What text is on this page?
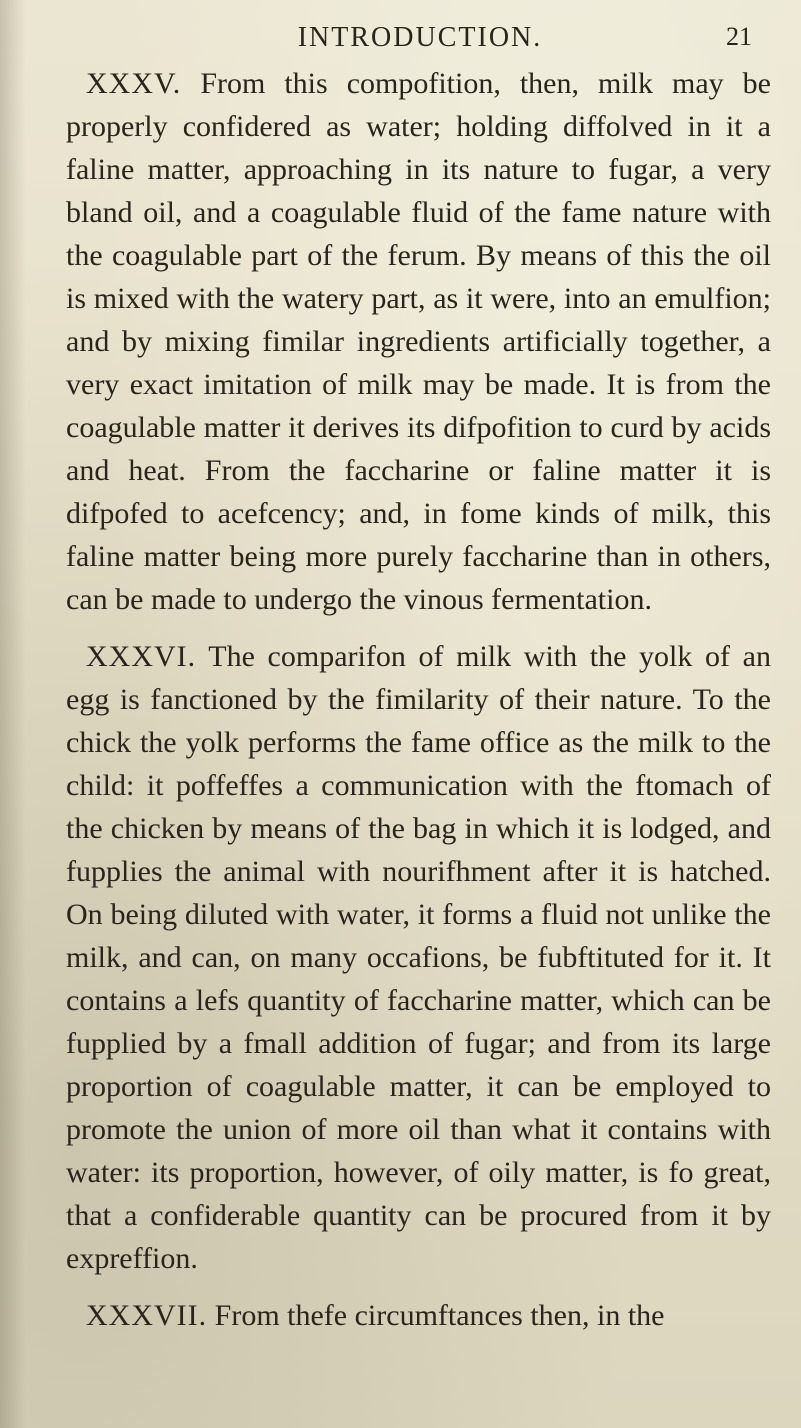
INTRODUCTION.	21

XXXV. From this compofition, then, milk may be properly confidered as water; holding diffolved in it a faline matter, approaching in its nature to fugar, a very bland oil, and a coagulable fluid of the fame nature with the coagulable part of the ferum. By means of this the oil is mixed with the watery part, as it were, into an emulfion; and by mixing fimilar ingredients artificially together, a very exact imitation of milk may be made. It is from the coagulable matter it derives its difpofition to curd by acids and heat. From the faccharine or faline matter it is difpofed to acefcency; and, in fome kinds of milk, this faline matter being more purely faccharine than in others, can be made to undergo the vinous fermentation.

XXXVI. The comparifon of milk with the yolk of an egg is fanctioned by the fimilarity of their nature. To the chick the yolk performs the fame office as the milk to the child: it poffeffes a communication with the ftomach of the chicken by means of the bag in which it is lodged, and fupplies the animal with nourifhment after it is hatched. On being diluted with water, it forms a fluid not unlike the milk, and can, on many occafions, be fubftituted for it. It contains a lefs quantity of faccharine matter, which can be fupplied by a fmall addition of fugar; and from its large proportion of coagulable matter, it can be employed to promote the union of more oil than what it contains with water: its proportion, however, of oily matter, is fo great, that a confiderable quantity can be procured from it by expreffion.

XXXVII. From thefe circumftances then, in the
